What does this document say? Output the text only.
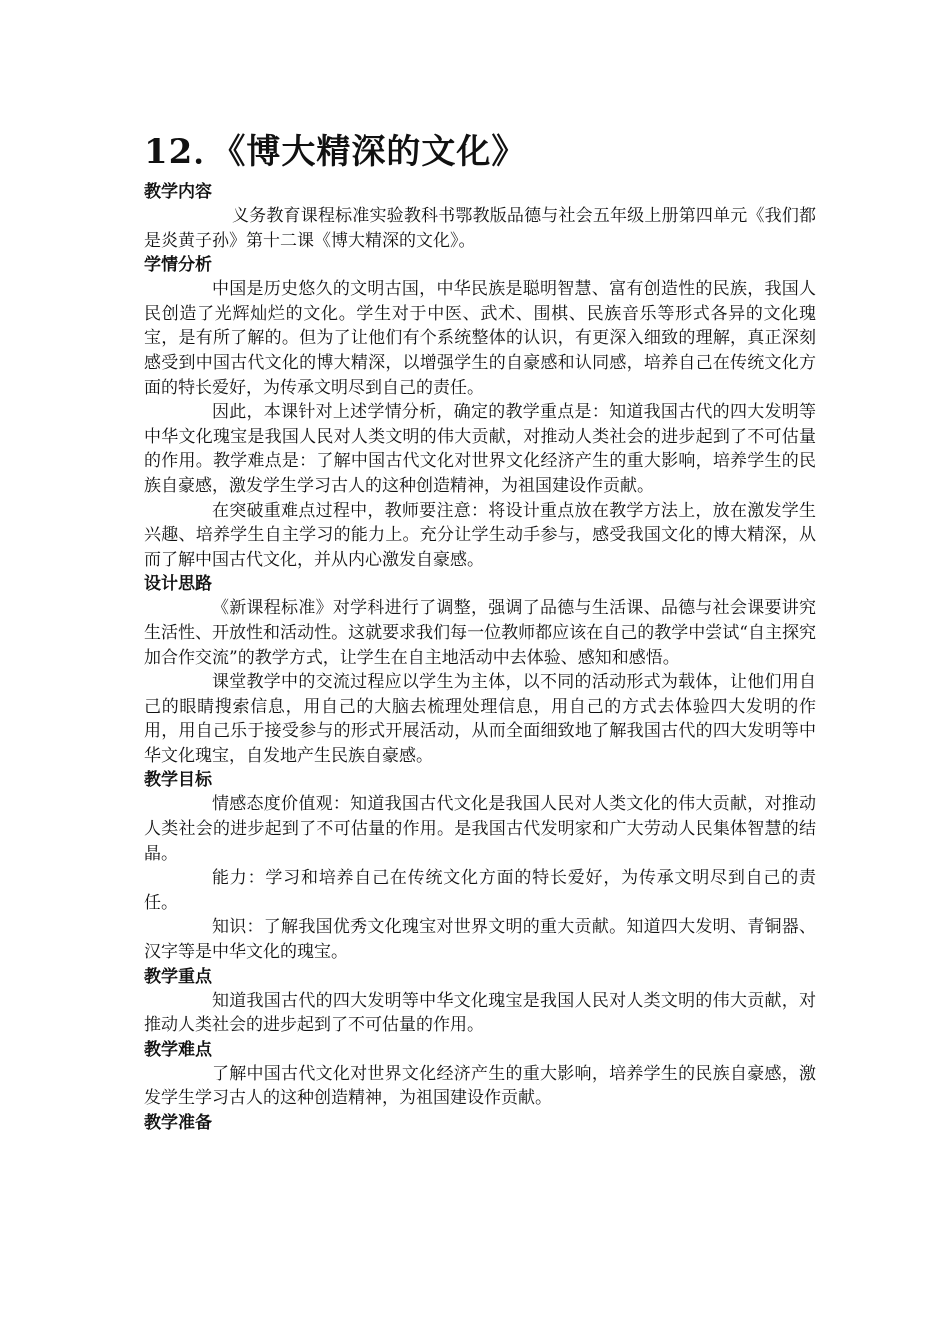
12．《博大精深的文化》
教学内容

义务教育课程标准实验教科书鄂教版品德与社会五年级上册第四单元《我们都是炎黄子孙》第十二课《博大精深的文化》。

学情分析

中国是历史悠久的文明古国，中华民族是聪明智慧、富有创造性的民族，我国人民创造了光辉灿烂的文化。学生对于中医、武术、围棋、民族音乐等形式各异的文化瑰宝，是有所了解的。但为了让他们有个系统整体的认识，有更深入细致的理解，真正深刻感受到中国古代文化的博大精深，以增强学生的自豪感和认同感，培养自己在传统文化方面的特长爱好，为传承文明尽到自己的责任。

因此，本课针对上述学情分析，确定的教学重点是：知道我国古代的四大发明等中华文化瑰宝是我国人民对人类文明的伟大贡献，对推动人类社会的进步起到了不可估量的作用。教学难点是：了解中国古代文化对世界文化经济产生的重大影响，培养学生的民族自豪感，激发学生学习古人的这种创造精神，为祖国建设作贡献。

在突破重难点过程中，教师要注意：将设计重点放在教学方法上，放在激发学生兴趣、培养学生自主学习的能力上。充分让学生动手参与，感受我国文化的博大精深，从而了解中国古代文化，并从内心激发自豪感。

设计思路

《新课程标准》对学科进行了调整，强调了品德与生活课、品德与社会课要讲究生活性、开放性和活动性。这就要求我们每一位教师都应该在自己的教学中尝试“自主探究加合作交流”的教学方式，让学生在自主地活动中去体验、感知和感悟。

课堂教学中的交流过程应以学生为主体，以不同的活动形式为载体，让他们用自己的眼睛搜索信息，用自己的大脑去梳理处理信息，用自己的方式去体验四大发明的作用，用自己乐于接受参与的形式开展活动，从而全面细致地了解我国古代的四大发明等中华文化瑰宝，自发地产生民族自豪感。

教学目标

情感态度价值观：知道我国古代文化是我国人民对人类文化的伟大贡献，对推动人类社会的进步起到了不可估量的作用。是我国古代发明家和广大劳动人民集体智慧的结晶。

能力：学习和培养自己在传统文化方面的特长爱好，为传承文明尽到自己的责任。

知识：了解我国优秀文化瑰宝对世界文明的重大贡献。知道四大发明、青铜器、汉字等是中华文化的瑰宝。

教学重点

知道我国古代的四大发明等中华文化瑰宝是我国人民对人类文明的伟大贡献，对推动人类社会的进步起到了不可估量的作用。

教学难点

了解中国古代文化对世界文化经济产生的重大影响，培养学生的民族自豪感，激发学生学习古人的这种创造精神，为祖国建设作贡献。

教学准备
